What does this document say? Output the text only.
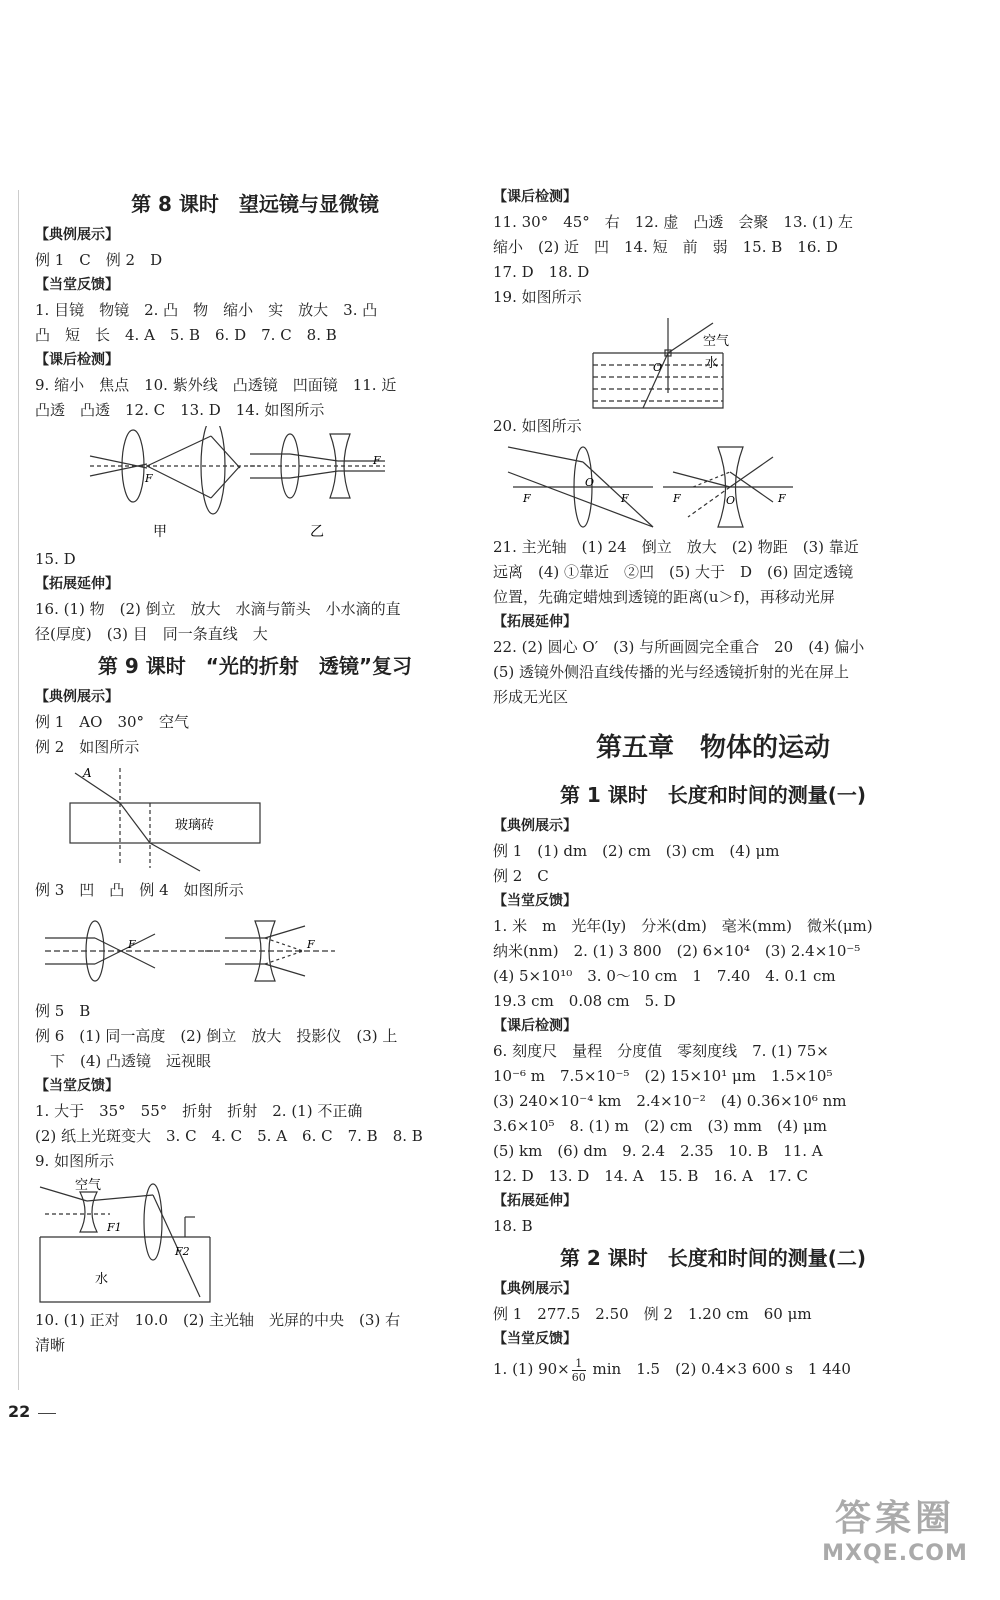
第 8 课时　望远镜与显微镜
【典例展示】
例 1　C　例 2　D
【当堂反馈】
1. 目镜　物镜　2. 凸　物　缩小　实　放大　3. 凸
凸　短　长　4. A　5. B　6. D　7. C　8. B
【课后检测】
9. 缩小　焦点　10. 紫外线　凸透镜　凹面镜　11. 近
凸透　凸透　12. C　13. D　14. 如图所示
F
F
甲	乙
15. D
【拓展延伸】
16. (1) 物　(2) 倒立　放大　水滴与箭头　小水滴的直
径(厚度)　(3) 目　同一条直线　大
第 9 课时　“光的折射　透镜”复习
【典例展示】
例 1　AO　30°　空气
例 2　如图所示
A
玻璃砖
例 3　凹　凸　例 4　如图所示
F	F
例 5　B
例 6　(1) 同一高度　(2) 倒立　放大　投影仪　(3) 上
　下　(4) 凸透镜　远视眼
【当堂反馈】
1. 大于　35°　55°　折射　折射　2. (1) 不正确
(2) 纸上光斑变大　3. C　4. C　5. A　6. C　7. B　8. B
9. 如图所示
空气
水
F1
F2
10. (1) 正对　10.0　(2) 主光轴　光屏的中央　(3) 右
清晰
【课后检测】
11. 30°　45°　右　12. 虚　凸透　会聚　13. (1) 左
缩小　(2) 近　凹　14. 短　前　弱　15. B　16. D
17. D　18. D
19. 如图所示
O
空气
水
20. 如图所示
F	F
O
F	F
O
21. 主光轴　(1) 24　倒立　放大　(2) 物距　(3) 靠近
远离　(4) ①靠近　②凹　(5) 大于　D　(6) 固定透镜
位置，先确定蜡烛到透镜的距离(u＞f)，再移动光屏
【拓展延伸】
22. (2) 圆心 O′　(3) 与所画圆完全重合　20　(4) 偏小
(5) 透镜外侧沿直线传播的光与经透镜折射的光在屏上
形成无光区
第五章　物体的运动
第 1 课时　长度和时间的测量(一)
【典例展示】
例 1　(1) dm　(2) cm　(3) cm　(4) μm
例 2　C
【当堂反馈】
1. 米　m　光年(ly)　分米(dm)　毫米(mm)　微米(μm)
纳米(nm)　2. (1) 3 800　(2) 6×10⁴　(3) 2.4×10⁻⁵
(4) 5×10¹⁰　3. 0～10 cm　1　7.40　4. 0.1 cm
19.3 cm　0.08 cm　5. D
【课后检测】
6. 刻度尺　量程　分度值　零刻度线　7. (1) 75×
10⁻⁶ m　7.5×10⁻⁵　(2) 15×10¹ μm　1.5×10⁵
(3) 240×10⁻⁴ km　2.4×10⁻²　(4) 0.36×10⁶ nm
3.6×10⁵　8. (1) m　(2) cm　(3) mm　(4) μm
(5) km　(6) dm　9. 2.4　2.35　10. B　11. A
12. D　13. D　14. A　15. B　16. A　17. C
【拓展延伸】
18. B
第 2 课时　长度和时间的测量(二)
【典例展示】
例 1　277.5　2.50　例 2　1.20 cm　60 μm
【当堂反馈】
1. (1) $90\times \frac{1}{60}$ min　1.5　(2) 0.4×3 600 s　1 440
22
答案圈
MXQE.COM
